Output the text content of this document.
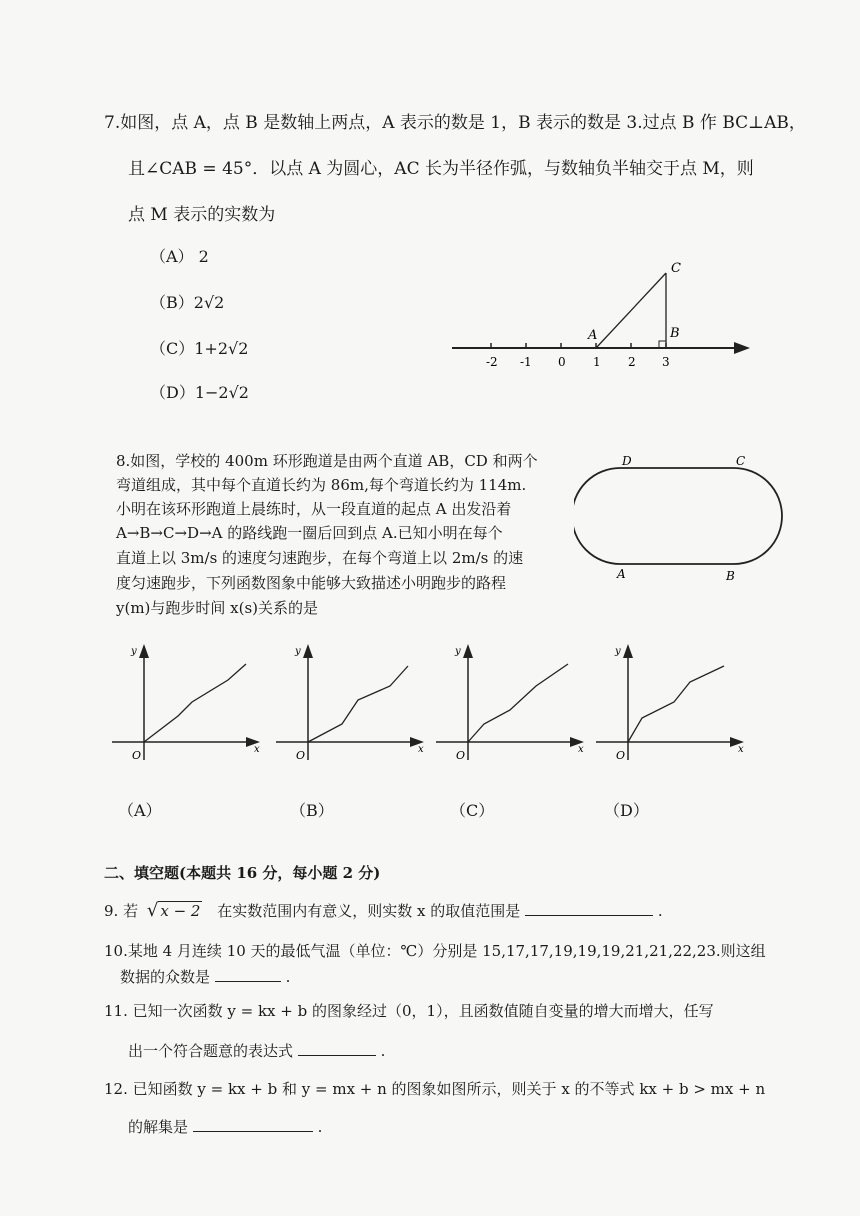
7.如图，点 A，点 B 是数轴上两点，A 表示的数是 1，B 表示的数是 3.过点 B 作 BC⊥AB，
且∠CAB = 45°．以点 A 为圆心，AC 长为半径作弧，与数轴负半轴交于点 M，则
点 M 表示的实数为
（A） 2
（B）2√2
（C）1+2√2
（D）1−2√2
-2 -1 0 1 2 3
A	B
C
8.如图，学校的 400m 环形跑道是由两个直道 AB，CD 和两个
弯道组成，其中每个直道长约为 86m,每个弯道长约为 114m.
小明在该环形跑道上晨练时，从一段直道的起点 A 出发沿着
A→B→C→D→A 的路线跑一圈后回到点 A.已知小明在每个
直道上以 3m/s 的速度匀速跑步，在每个弯道上以 2m/s 的速
度匀速跑步，下列函数图象中能够大致描述小明跑步的路程
y(m)与跑步时间 x(s)关系的是
D	C
A	B
y
x
O
y
x
O
y
x
O
y
x
O
（A）	（B）	（C）	（D）
二、填空题(本题共 16 分，每小题 2 分)
9. 若 √ x − 2 在实数范围内有意义，则实数 x 的取值范围是	.
10.某地 4 月连续 10 天的最低气温（单位：℃）分别是 15,17,17,19,19,19,21,21,22,23.则这组
数据的众数是	.
11. 已知一次函数 y = kx + b 的图象经过（0，1），且函数值随自变量的增大而增大，任写
出一个符合题意的表达式	.
12. 已知函数 y = kx + b 和 y = mx + n 的图象如图所示，则关于 x 的不等式 kx + b > mx + n
的解集是	.
